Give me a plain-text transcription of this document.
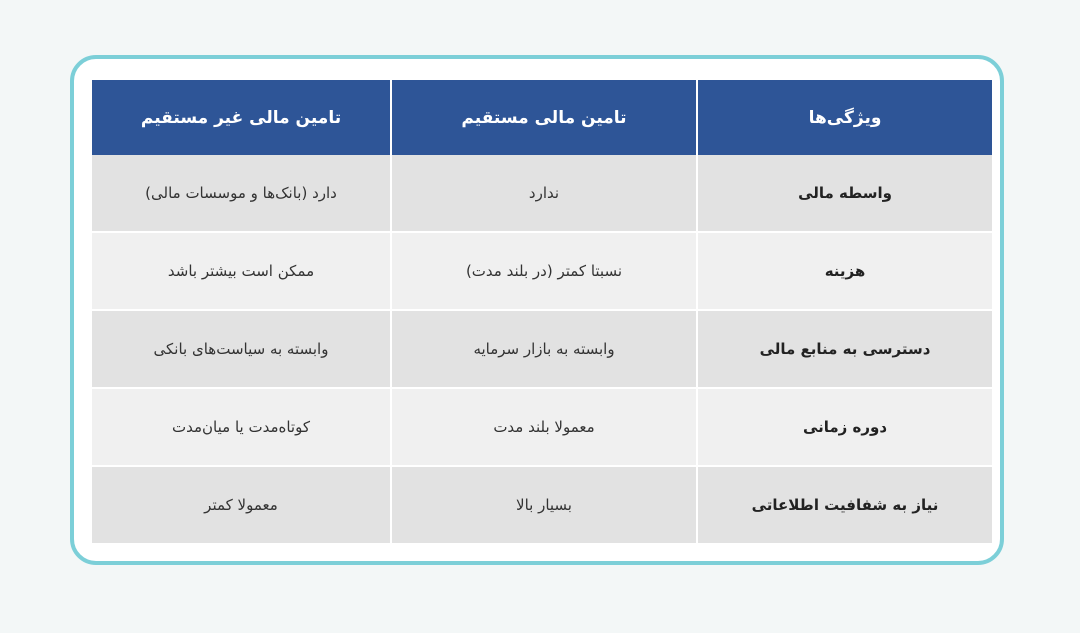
ویژگی‌ها	تامین مالی مستقیم	تامین مالی غیر مستقیم
واسطه مالی	ندارد	دارد (بانک‌ها و موسسات مالی)
هزینه	نسبتا کمتر (در بلند مدت)	ممکن است بیشتر باشد
دسترسی به منابع مالی	وابسته به بازار سرمایه	وابسته به سیاست‌های بانکی
دوره زمانی	معمولا بلند مدت	کوتاه‌مدت یا میان‌مدت
نیاز به شفافیت اطلاعاتی	بسیار بالا	معمولا کمتر
